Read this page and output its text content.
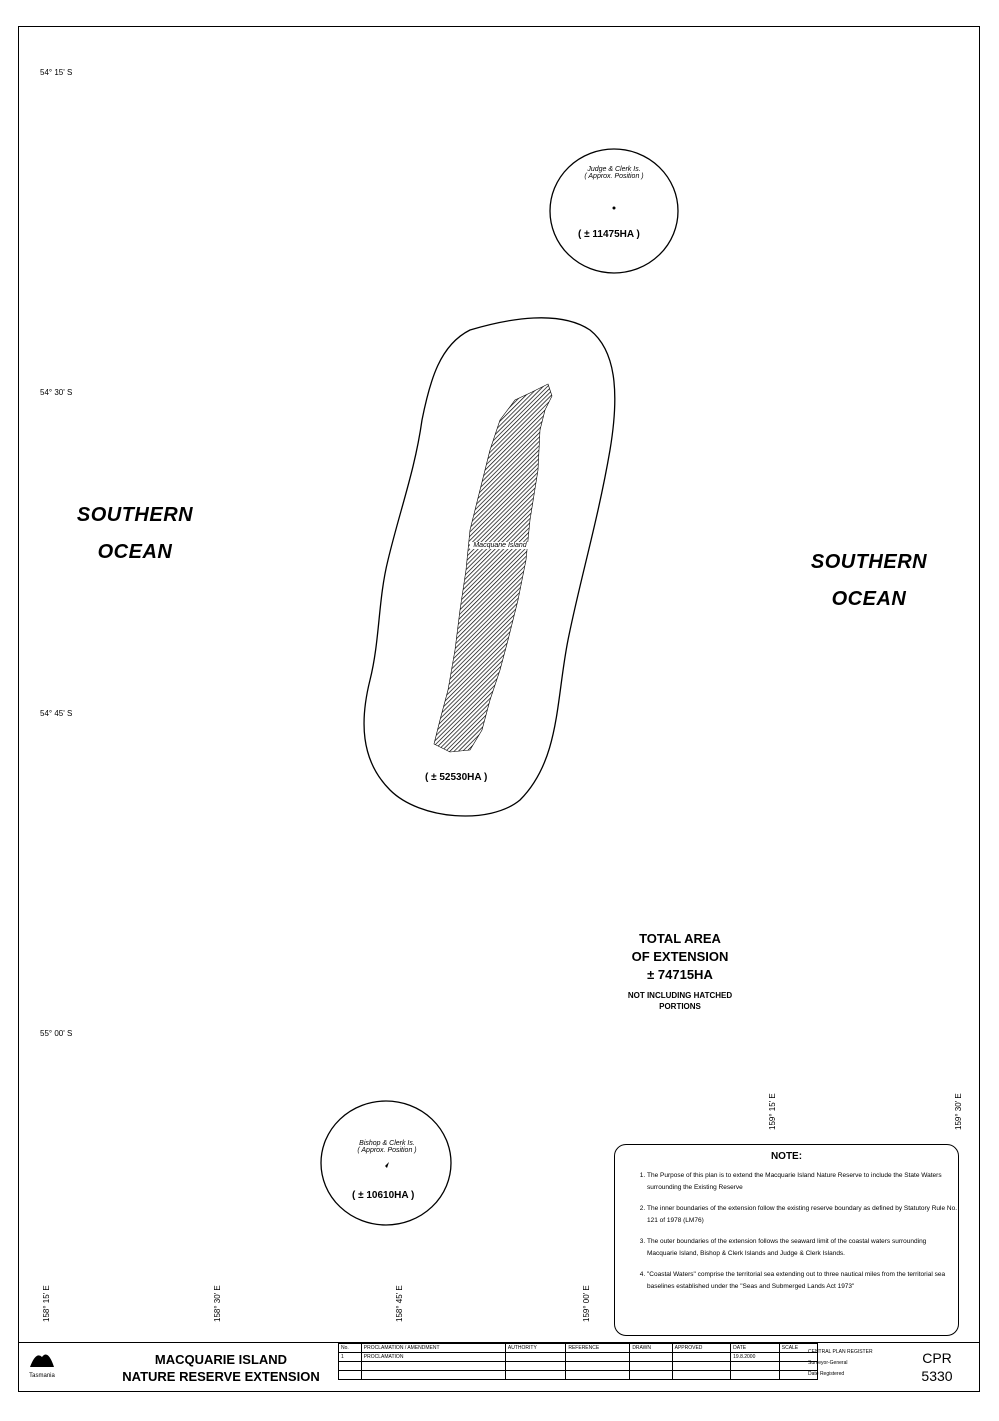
54° 15' S
54° 30' S
54° 45' S
55° 00' S
158° 15' E	158° 30' E	158° 45' E	159° 00' E
159° 15' E	159° 30' E
SOUTHERN
OCEAN	SOUTHERN
OCEAN
Judge & Clerk Is.
( Approx. Position )
( ± 11475HA )
Macquarie Island
( ± 52530HA )
Bishop & Clerk Is.
( Approx. Position )
( ± 10610HA )
TOTAL AREA
OF EXTENSION
± 74715HA
NOT INCLUDING HATCHED
PORTIONS
NOTE:
1. The Purpose of this plan is to extend the Macquarie Island Nature Reserve to include the State Waters surrounding the Existing Reserve
2. The inner boundaries of the extension follow the existing reserve boundary as defined by Statutory Rule No. 121 of 1978 (LM76)
3. The outer boundaries of the extension follows the seaward limit of the coastal waters surrounding Macquarie Island, Bishop & Clerk Islands and Judge & Clerk Islands.
4. "Coastal Waters" comprise the territorial sea extending out to three nautical miles from the territorial sea baselines established under the "Seas and Submerged Lands Act 1973"
Tasmania
MACQUARIE ISLAND
NATURE RESERVE EXTENSION
No.	PROCLAMATION / AMENDMENT	AUTHORITY	REFERENCE	DRAWN	APPROVED	DATE	SCALE
1	PROCLAMATION					19.8.2000	

CENTRAL PLAN REGISTER
Surveyor-General
Date Registered
CPR
5330
